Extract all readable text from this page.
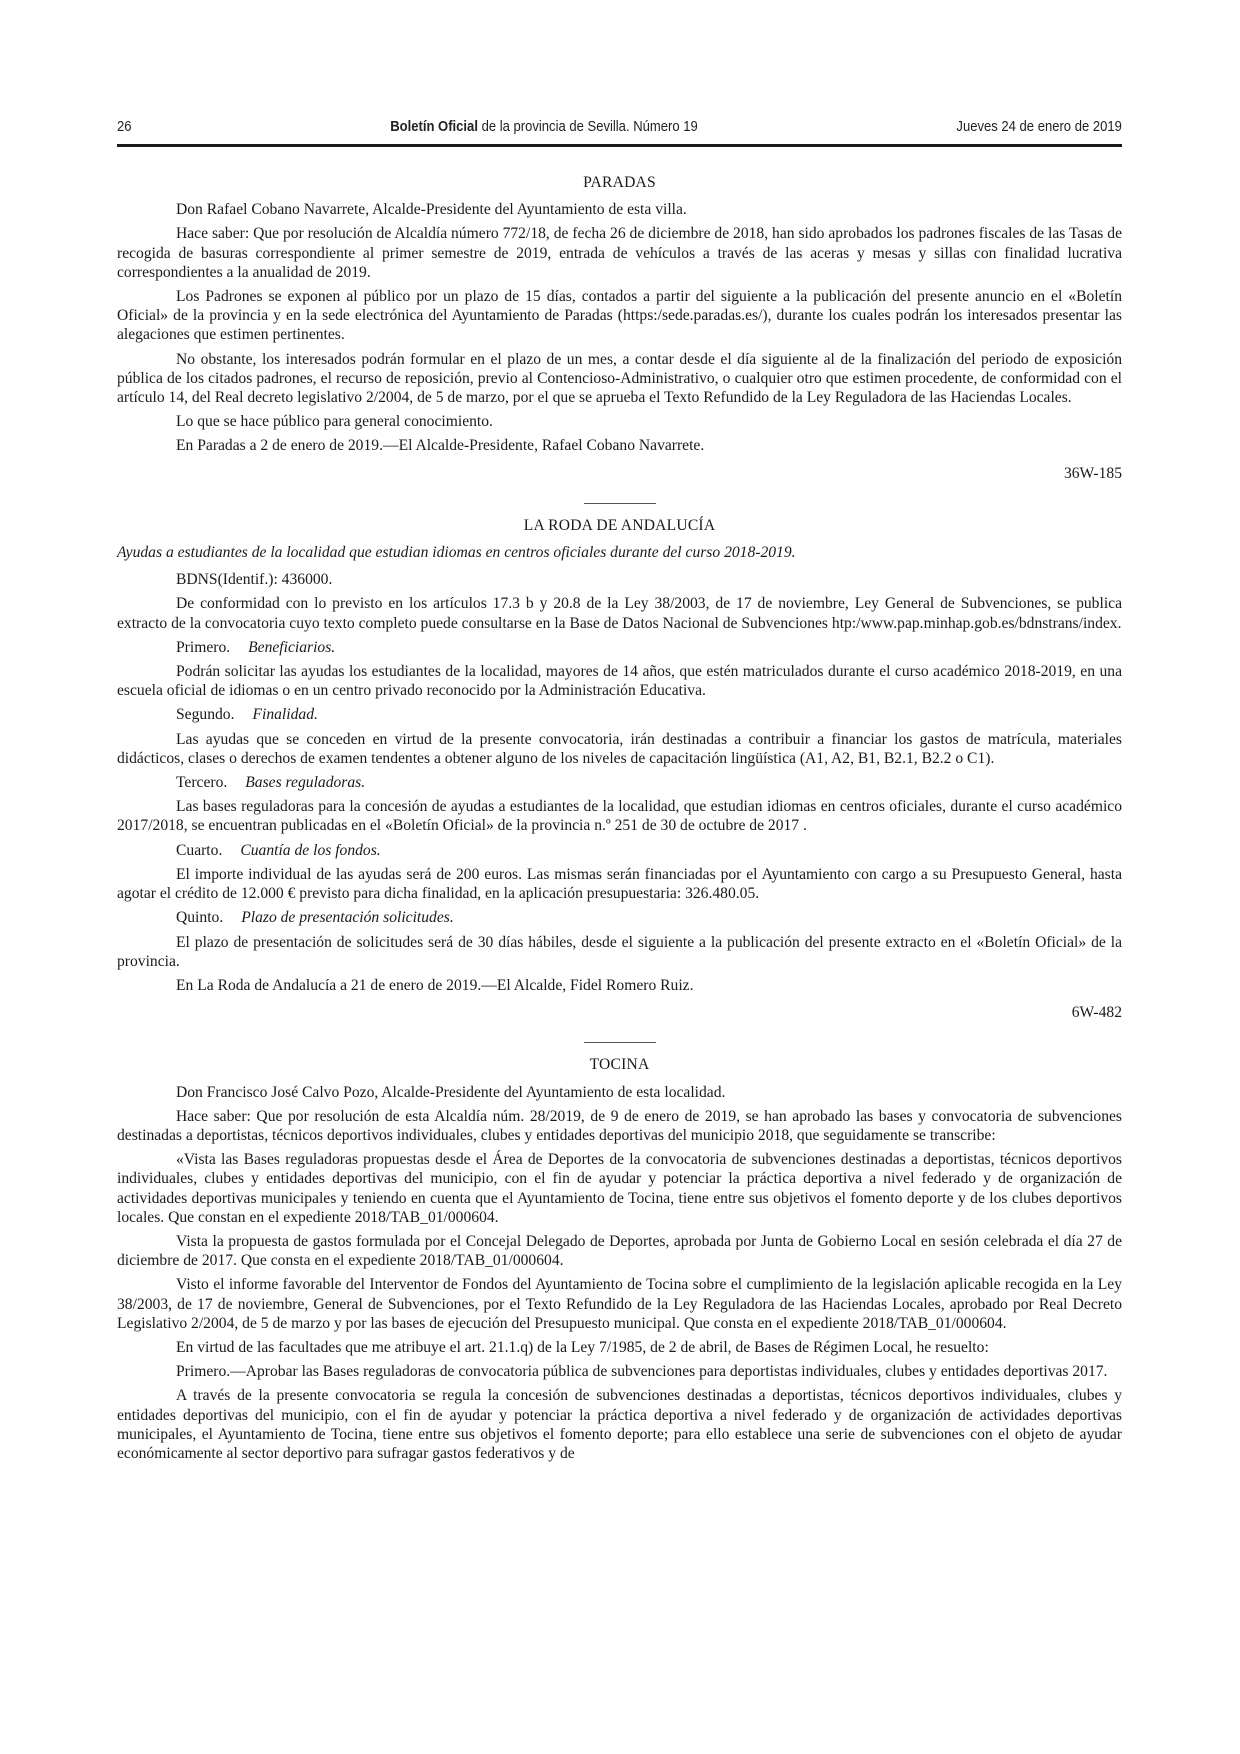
26	Boletín Oficial de la provincia de Sevilla. Número 19	Jueves 24 de enero de 2019
PARADAS

Don Rafael Cobano Navarrete, Alcalde-Presidente del Ayuntamiento de esta villa.

Hace saber: Que por resolución de Alcaldía número 772/18, de fecha 26 de diciembre de 2018, han sido aprobados los padrones fiscales de las Tasas de recogida de basuras correspondiente al primer semestre de 2019, entrada de vehículos a través de las aceras y mesas y sillas con finalidad lucrativa correspondientes a la anualidad de 2019.

Los Padrones se exponen al público por un plazo de 15 días, contados a partir del siguiente a la publicación del presente anuncio en el «Boletín Oficial» de la provincia y en la sede electrónica del Ayuntamiento de Paradas (https:/sede.paradas.es/), durante los cuales podrán los interesados presentar las alegaciones que estimen pertinentes.

No obstante, los interesados podrán formular en el plazo de un mes, a contar desde el día siguiente al de la finalización del periodo de exposición pública de los citados padrones, el recurso de reposición, previo al Contencioso-Administrativo, o cualquier otro que estimen procedente, de conformidad con el artículo 14, del Real decreto legislativo 2/2004, de 5 de marzo, por el que se aprueba el Texto Refundido de la Ley Reguladora de las Haciendas Locales.

Lo que se hace público para general conocimiento.

En Paradas a 2 de enero de 2019.—El Alcalde-Presidente, Rafael Cobano Navarrete.

36W-185
LA RODA DE ANDALUCÍA

Ayudas a estudiantes de la localidad que estudian idiomas en centros oficiales durante del curso 2018-2019.

BDNS(Identif.): 436000.

De conformidad con lo previsto en los artículos 17.3 b y 20.8 de la Ley 38/2003, de 17 de noviembre, Ley General de Subvenciones, se publica extracto de la convocatoria cuyo texto completo puede consultarse en la Base de Datos Nacional de Subvenciones htp:/www.pap.minhap.gob.es/bdnstrans/index.

Primero. Beneficiarios.

Podrán solicitar las ayudas los estudiantes de la localidad, mayores de 14 años, que estén matriculados durante el curso académico 2018-2019, en una escuela oficial de idiomas o en un centro privado reconocido por la Administración Educativa.

Segundo. Finalidad.

Las ayudas que se conceden en virtud de la presente convocatoria, irán destinadas a contribuir a financiar los gastos de matrícula, materiales didácticos, clases o derechos de examen tendentes a obtener alguno de los niveles de capacitación lingüística (A1, A2, B1, B2.1, B2.2 o C1).

Tercero. Bases reguladoras.

Las bases reguladoras para la concesión de ayudas a estudiantes de la localidad, que estudian idiomas en centros oficiales, durante el curso académico 2017/2018, se encuentran publicadas en el «Boletín Oficial» de la provincia n.º 251 de 30 de octubre de 2017 .

Cuarto. Cuantía de los fondos.

El importe individual de las ayudas será de 200 euros. Las mismas serán financiadas por el Ayuntamiento con cargo a su Presupuesto General, hasta agotar el crédito de 12.000 € previsto para dicha finalidad, en la aplicación presupuestaria: 326.480.05.

Quinto. Plazo de presentación solicitudes.

El plazo de presentación de solicitudes será de 30 días hábiles, desde el siguiente a la publicación del presente extracto en el «Boletín Oficial» de la provincia.

En La Roda de Andalucía a 21 de enero de 2019.—El Alcalde, Fidel Romero Ruiz.

6W-482
TOCINA

Don Francisco José Calvo Pozo, Alcalde-Presidente del Ayuntamiento de esta localidad.

Hace saber: Que por resolución de esta Alcaldía núm. 28/2019, de 9 de enero de 2019, se han aprobado las bases y convocatoria de subvenciones destinadas a deportistas, técnicos deportivos individuales, clubes y entidades deportivas del municipio 2018, que seguidamente se transcribe:

«Vista las Bases reguladoras propuestas desde el Área de Deportes de la convocatoria de subvenciones destinadas a deportistas, técnicos deportivos individuales, clubes y entidades deportivas del municipio, con el fin de ayudar y potenciar la práctica deportiva a nivel federado y de organización de actividades deportivas municipales y teniendo en cuenta que el Ayuntamiento de Tocina, tiene entre sus objetivos el fomento deporte y de los clubes deportivos locales. Que constan en el expediente 2018/TAB_01/000604.

Vista la propuesta de gastos formulada por el Concejal Delegado de Deportes, aprobada por Junta de Gobierno Local en sesión celebrada el día 27 de diciembre de 2017. Que consta en el expediente 2018/TAB_01/000604.

Visto el informe favorable del Interventor de Fondos del Ayuntamiento de Tocina sobre el cumplimiento de la legislación aplicable recogida en la Ley 38/2003, de 17 de noviembre, General de Subvenciones, por el Texto Refundido de la Ley Reguladora de las Haciendas Locales, aprobado por Real Decreto Legislativo 2/2004, de 5 de marzo y por las bases de ejecución del Presupuesto municipal. Que consta en el expediente 2018/TAB_01/000604.

En virtud de las facultades que me atribuye el art. 21.1.q) de la Ley 7/1985, de 2 de abril, de Bases de Régimen Local, he resuelto:

Primero.—Aprobar las Bases reguladoras de convocatoria pública de subvenciones para deportistas individuales, clubes y entidades deportivas 2017.

A través de la presente convocatoria se regula la concesión de subvenciones destinadas a deportistas, técnicos deportivos individuales, clubes y entidades deportivas del municipio, con el fin de ayudar y potenciar la práctica deportiva a nivel federado y de organización de actividades deportivas municipales, el Ayuntamiento de Tocina, tiene entre sus objetivos el fomento deporte; para ello establece una serie de subvenciones con el objeto de ayudar económicamente al sector deportivo para sufragar gastos federativos y de
